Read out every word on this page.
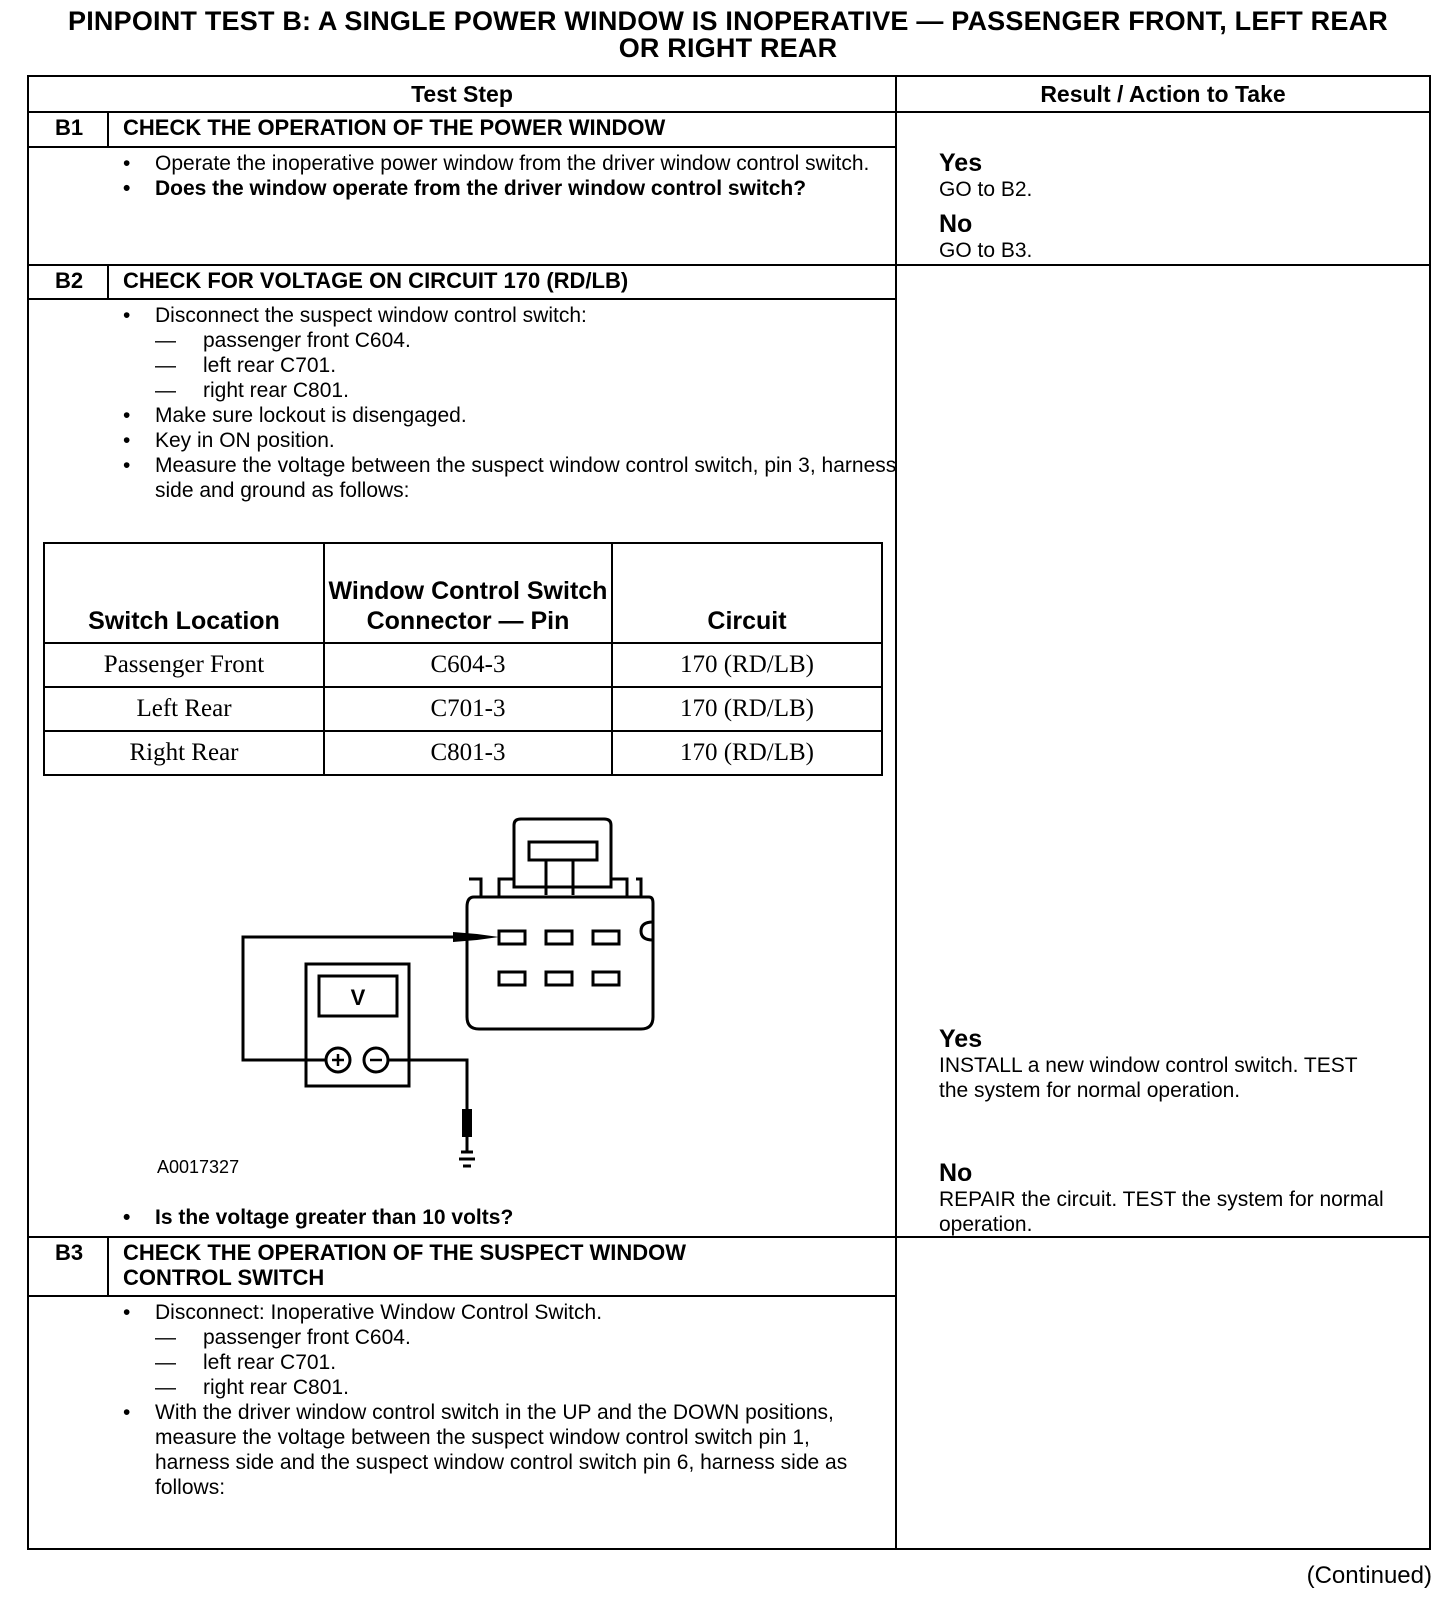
PINPOINT TEST B: A SINGLE POWER WINDOW IS INOPERATIVE — PASSENGER FRONT, LEFT REAR
OR RIGHT REAR
Test Step	Result / Action to Take
B1	CHECK THE OPERATION OF THE POWER WINDOW
• Operate the inoperative power window from the driver window control switch.
• Does the window operate from the driver window control switch?
Yes
GO to B2.
No
GO to B3.
B2	CHECK FOR VOLTAGE ON CIRCUIT 170 (RD/LB)
• Disconnect the suspect window control switch:
— passenger front C604.
— left rear C701.
— right rear C801.
• Make sure lockout is disengaged.
• Key in ON position.
• Measure the voltage between the suspect window control switch, pin 3, harness side and ground as follows:
Switch Location	Window Control Switch Connector — Pin	Circuit
Passenger Front	C604-3	170 (RD/LB)
Left Rear	C701-3	170 (RD/LB)
Right Rear	C801-3	170 (RD/LB)
V
A0017327
• Is the voltage greater than 10 volts?
Yes
INSTALL a new window control switch. TEST the system for normal operation.
No
REPAIR the circuit. TEST the system for normal operation.
B3	CHECK THE OPERATION OF THE SUSPECT WINDOW CONTROL SWITCH
• Disconnect: Inoperative Window Control Switch.
— passenger front C604.
— left rear C701.
— right rear C801.
• With the driver window control switch in the UP and the DOWN positions, measure the voltage between the suspect window control switch pin 1, harness side and the suspect window control switch pin 6, harness side as follows:
(Continued)
